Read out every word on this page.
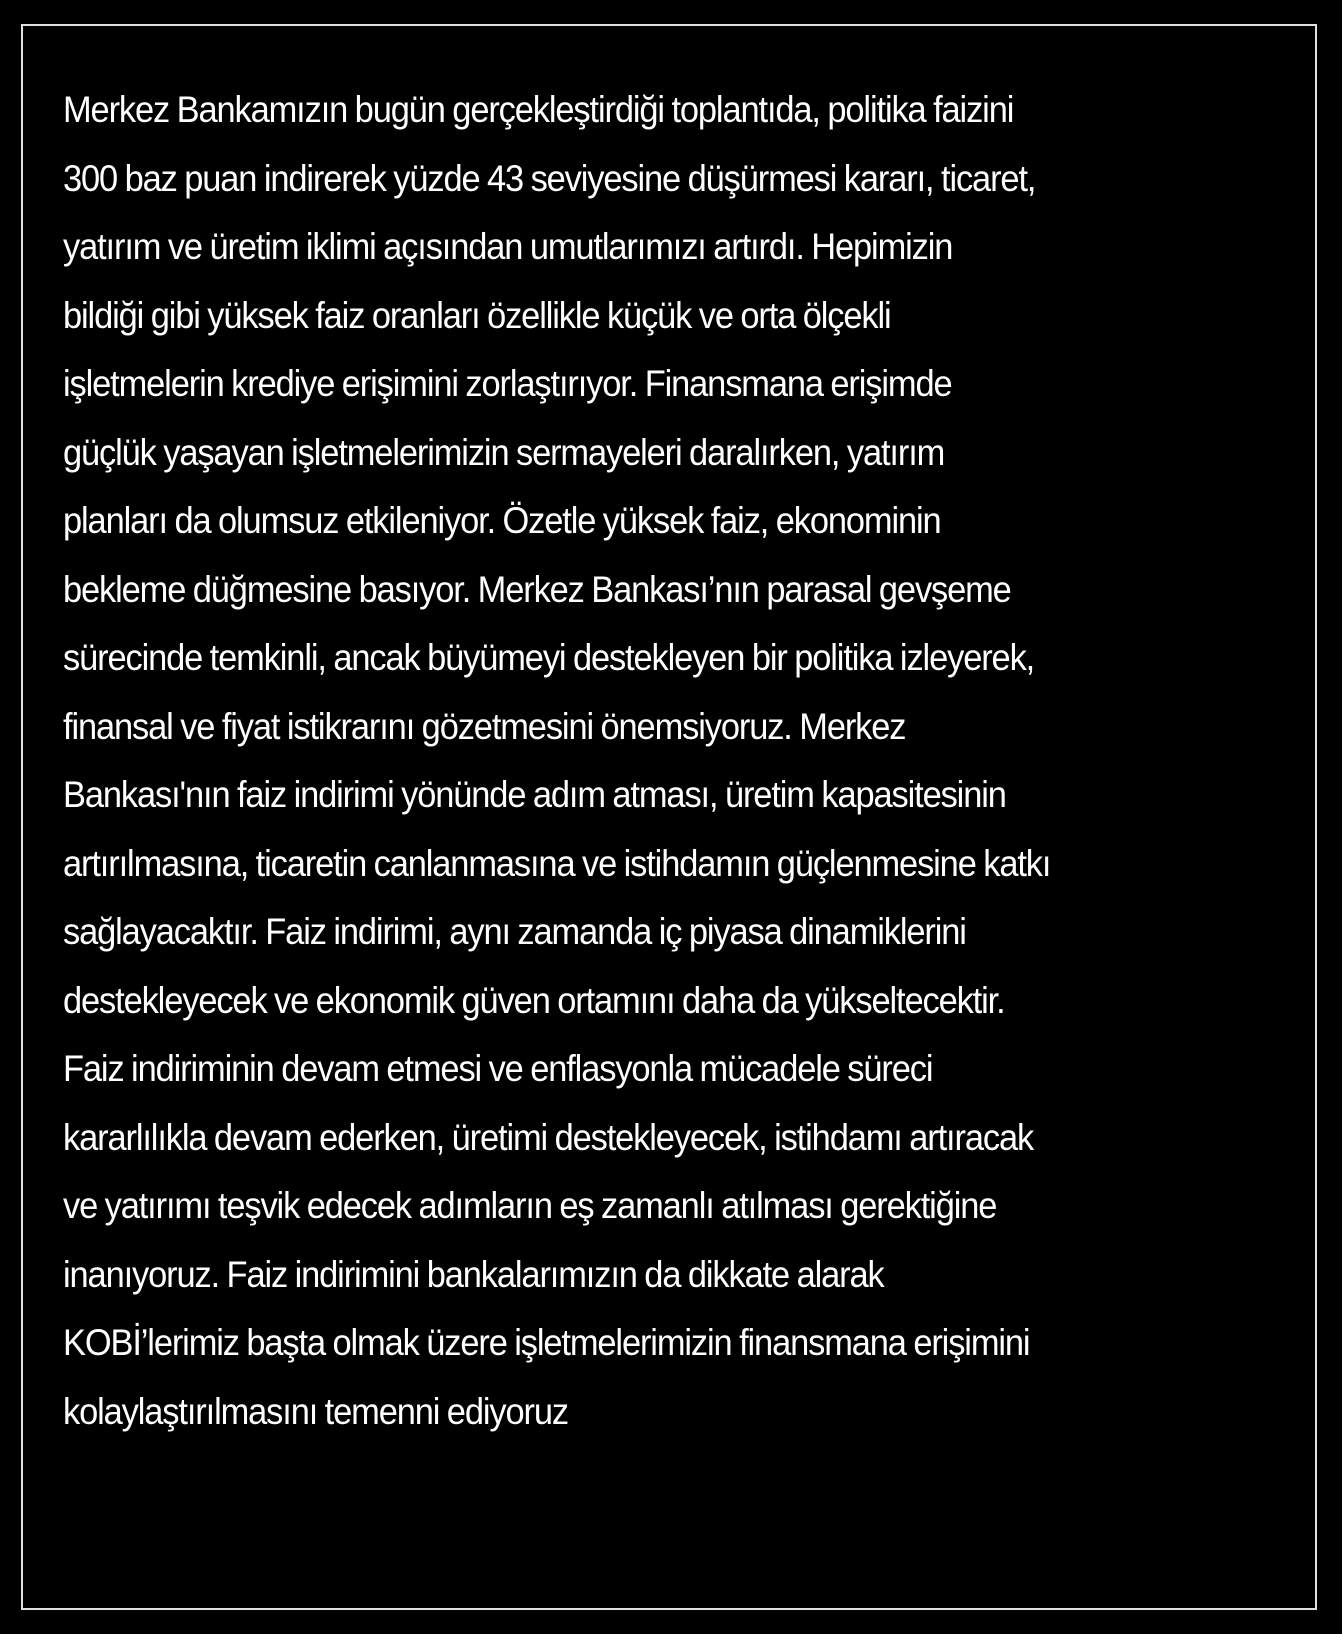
Merkez Bankamızın bugün gerçekleştirdiği toplantıda, politika faizini
300 baz puan indirerek yüzde 43 seviyesine düşürmesi kararı, ticaret,
yatırım ve üretim iklimi açısından umutlarımızı artırdı. Hepimizin
bildiği gibi yüksek faiz oranları özellikle küçük ve orta ölçekli
işletmelerin krediye erişimini zorlaştırıyor. Finansmana erişimde
güçlük yaşayan işletmelerimizin sermayeleri daralırken, yatırım
planları da olumsuz etkileniyor. Özetle yüksek faiz, ekonominin
bekleme düğmesine basıyor. Merkez Bankası’nın parasal gevşeme
sürecinde temkinli, ancak büyümeyi destekleyen bir politika izleyerek,
finansal ve fiyat istikrarını gözetmesini önemsiyoruz. Merkez
Bankası'nın faiz indirimi yönünde adım atması, üretim kapasitesinin
artırılmasına, ticaretin canlanmasına ve istihdamın güçlenmesine katkı
sağlayacaktır. Faiz indirimi, aynı zamanda iç piyasa dinamiklerini
destekleyecek ve ekonomik güven ortamını daha da yükseltecektir.
Faiz indiriminin devam etmesi ve enflasyonla mücadele süreci
kararlılıkla devam ederken, üretimi destekleyecek, istihdamı artıracak
ve yatırımı teşvik edecek adımların eş zamanlı atılması gerektiğine
inanıyoruz. Faiz indirimini bankalarımızın da dikkate alarak
KOBİ’lerimiz başta olmak üzere işletmelerimizin finansmana erişimini
kolaylaştırılmasını temenni ediyoruz
